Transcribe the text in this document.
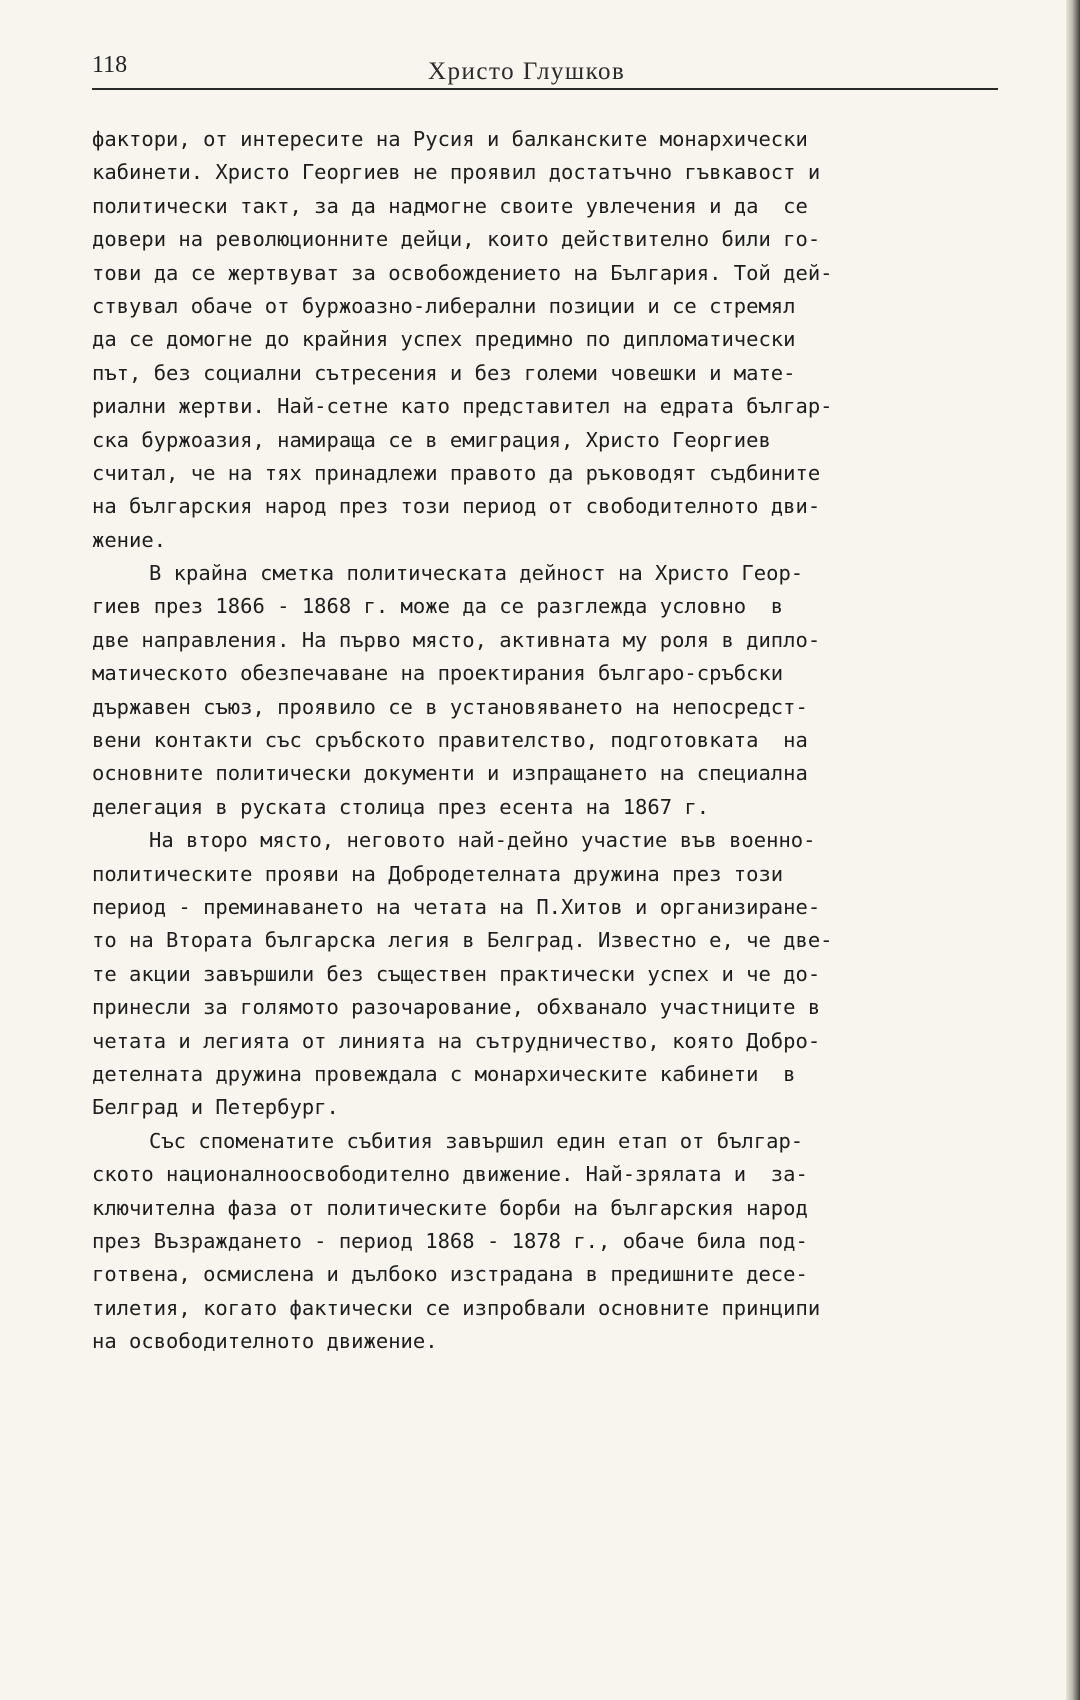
118	Христо Глушков
фактори, от интересите на Русия и балканските монархически
кабинети. Христо Георгиев не проявил достатъчно гъвкавост и
политически такт, за да надмогне своите увлечения и да  се
довери на революционните дейци, които действително били го-
тови да се жертвуват за освобождението на България. Той дей-
ствувал обаче от буржоазно-либерални позиции и се стремял
да се домогне до крайния успех предимно по дипломатически
път, без социални сътресения и без големи човешки и мате-
риални жертви. Най-сетне като представител на едрата българ-
ска буржоазия, намираща се в емиграция, Христо Георгиев
считал, че на тях принадлежи правото да ръководят съдбините
на българския народ през този период от свободителното дви-
жение.
В крайна сметка политическата дейност на Христо Геор-
гиев през 1866 - 1868 г. може да се разглежда условно  в
две направления. На първо място, активната му роля в дипло-
матическото обезпечаване на проектирания българо-сръбски
държавен съюз, проявило се в установяването на непосредст-
вени контакти със сръбското правителство, подготовката  на
основните политически документи и изпращането на специална
делегация в руската столица през есента на 1867 г.
На второ място, неговото най-дейно участие във военно-
политическите прояви на Добродетелната дружина през този
период - преминаването на четата на П.Хитов и организиране-
то на Втората българска легия в Белград. Известно е, че две-
те акции завършили без съществен практически успех и че до-
принесли за голямото разочарование, обхванало участниците в
четата и легията от линията на сътрудничество, която Добро-
детелната дружина провеждала с монархическите кабинети  в
Белград и Петербург.
Със споменатите събития завършил един етап от българ-
ското националноосвободително движение. Най-зрялата и  за-
ключителна фаза от политическите борби на българския народ
през Възраждането - период 1868 - 1878 г., обаче била под-
готвена, осмислена и дълбоко изстрадана в предишните десе-
тилетия, когато фактически се изпробвали основните принципи
на освободителното движение.
